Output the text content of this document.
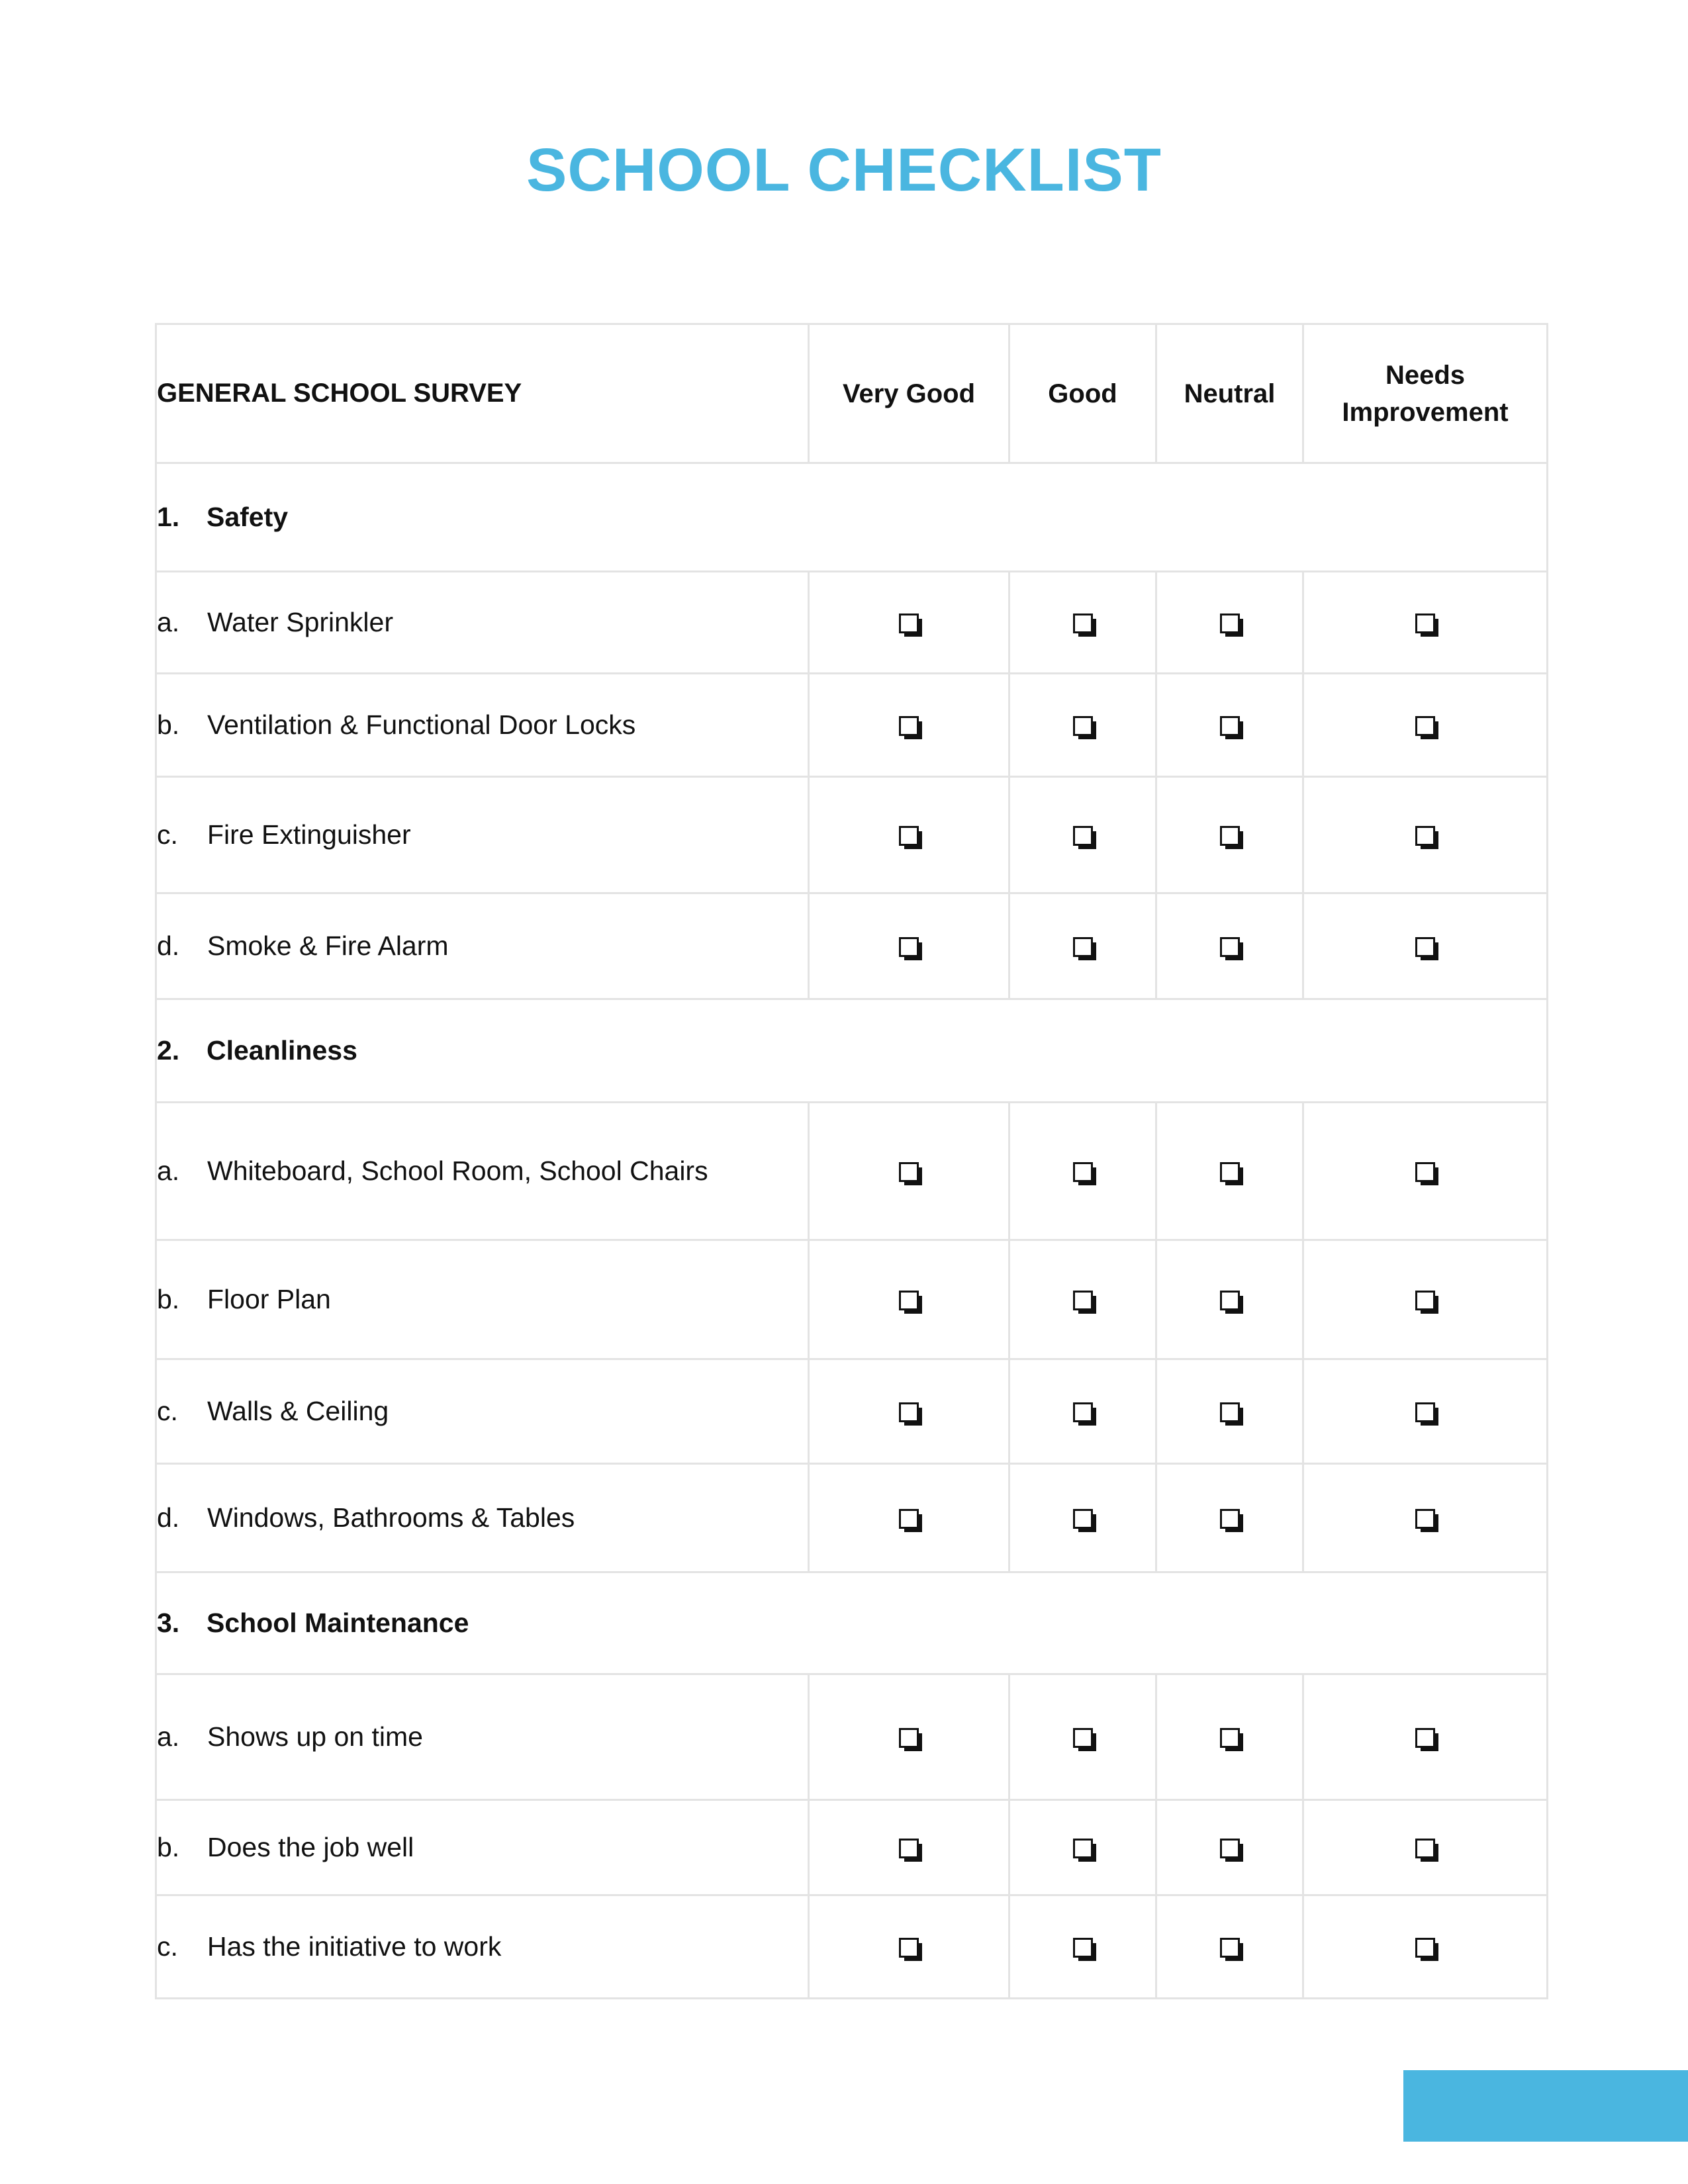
SCHOOL CHECKLIST
GENERAL SCHOOL SURVEY	Very Good	Good	Neutral	Needs
Improvement
1. Safety				
a. Water Sprinkler				
b. Ventilation & Functional Door Locks				
c. Fire Extinguisher				
d. Smoke & Fire Alarm				
2. Cleanliness				
a. Whiteboard, School Room, School Chairs				
b. Floor Plan				
c. Walls & Ceiling				
d. Windows, Bathrooms & Tables				
3. School Maintenance				
a. Shows up on time				
b. Does the job well				
c. Has the initiative to work				
